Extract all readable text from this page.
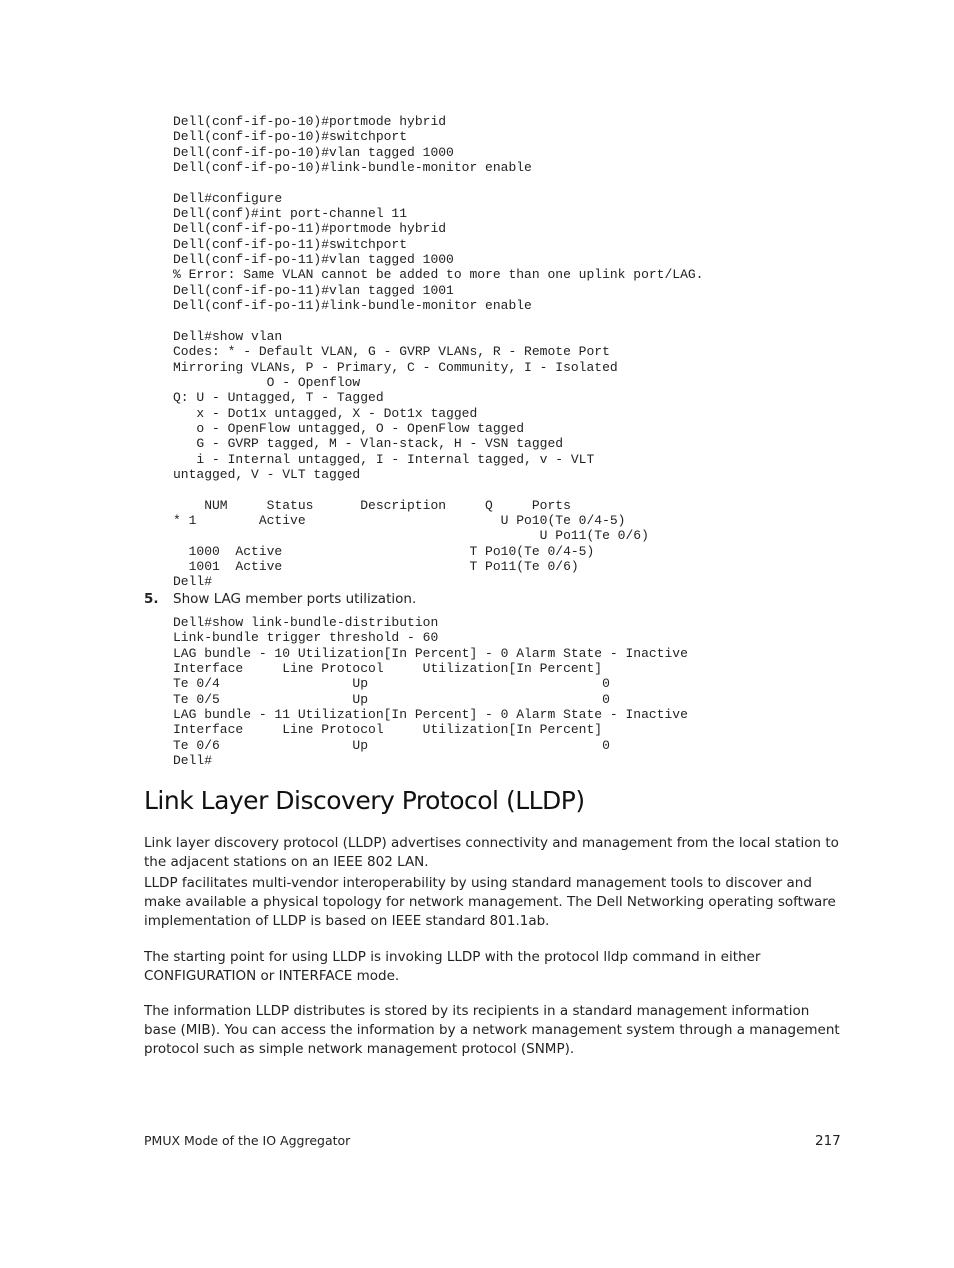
Dell(conf-if-po-10)#portmode hybrid
Dell(conf-if-po-10)#switchport
Dell(conf-if-po-10)#vlan tagged 1000
Dell(conf-if-po-10)#link-bundle-monitor enable

Dell#configure
Dell(conf)#int port-channel 11
Dell(conf-if-po-11)#portmode hybrid
Dell(conf-if-po-11)#switchport
Dell(conf-if-po-11)#vlan tagged 1000
% Error: Same VLAN cannot be added to more than one uplink port/LAG.
Dell(conf-if-po-11)#vlan tagged 1001
Dell(conf-if-po-11)#link-bundle-monitor enable

Dell#show vlan
Codes: * - Default VLAN, G - GVRP VLANs, R - Remote Port
Mirroring VLANs, P - Primary, C - Community, I - Isolated
O - Openflow
Q: U - Untagged, T - Tagged
x - Dot1x untagged, X - Dot1x tagged
o - OpenFlow untagged, O - OpenFlow tagged
G - GVRP tagged, M - Vlan-stack, H - VSN tagged
i - Internal untagged, I - Internal tagged, v - VLT
untagged, V - VLT tagged

NUM     Status      Description     Q     Ports
* 1        Active                         U Po10(Te 0/4-5)
U Po11(Te 0/6)
1000  Active                        T Po10(Te 0/4-5)
1001  Active                        T Po11(Te 0/6)
Dell#
5. Show LAG member ports utilization.
Dell#show link-bundle-distribution
Link-bundle trigger threshold - 60
LAG bundle - 10 Utilization[In Percent] - 0 Alarm State - Inactive
Interface     Line Protocol     Utilization[In Percent]
Te 0/4                 Up                              0
Te 0/5                 Up                              0
LAG bundle - 11 Utilization[In Percent] - 0 Alarm State - Inactive
Interface     Line Protocol     Utilization[In Percent]
Te 0/6                 Up                              0
Dell#
Link Layer Discovery Protocol (LLDP)

Link layer discovery protocol (LLDP) advertises connectivity and management from the local station to the adjacent stations on an IEEE 802 LAN.

LLDP facilitates multi-vendor interoperability by using standard management tools to discover and make available a physical topology for network management. The Dell Networking operating software implementation of LLDP is based on IEEE standard 801.1ab.

The starting point for using LLDP is invoking LLDP with the protocol lldp command in either CONFIGURATION or INTERFACE mode.

The information LLDP distributes is stored by its recipients in a standard management information base (MIB). You can access the information by a network management system through a management protocol such as simple network management protocol (SNMP).

PMUX Mode of the IO Aggregator	217
